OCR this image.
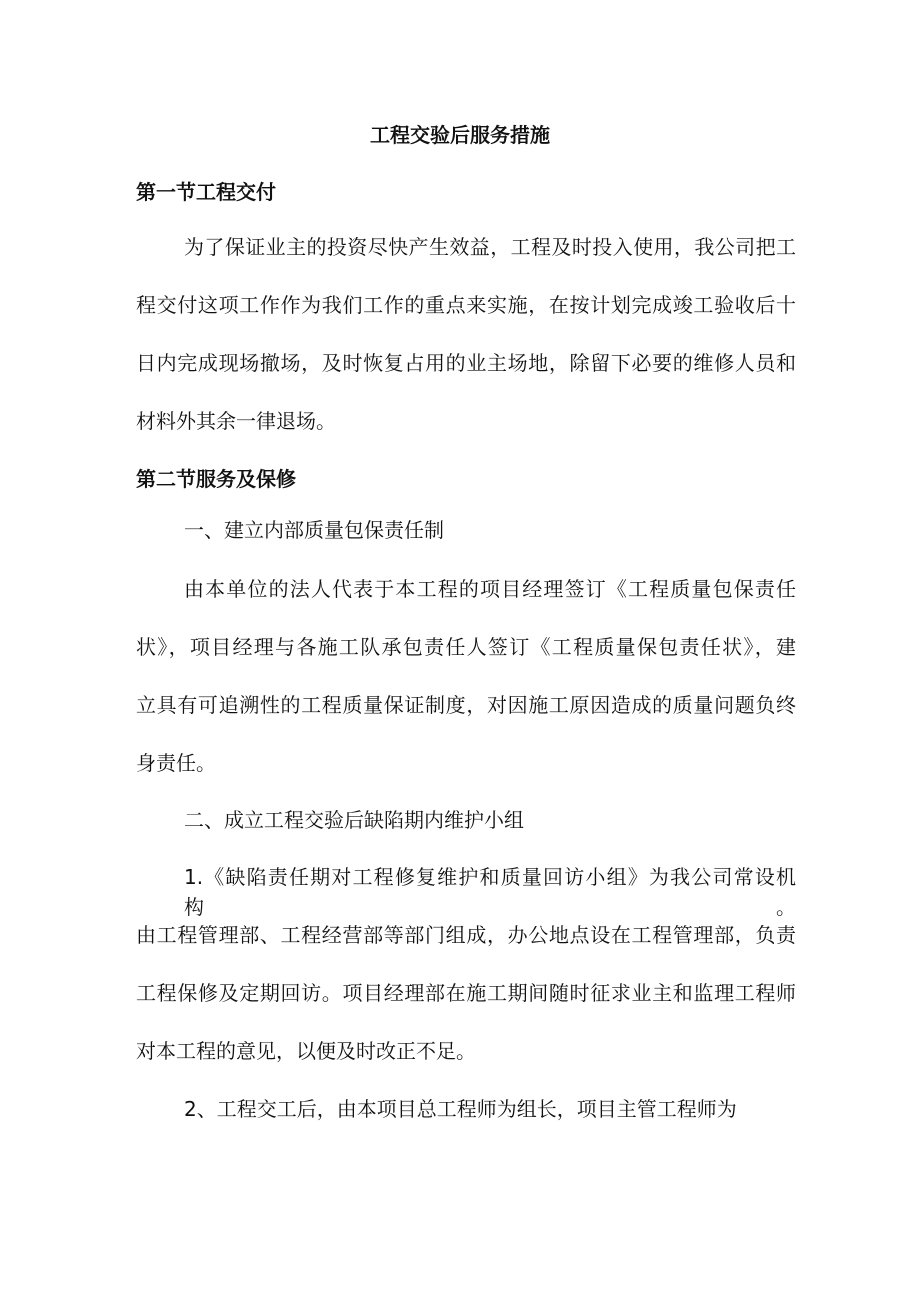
工程交验后服务措施
第一节工程交付
为了保证业主的投资尽快产生效益，工程及时投入使用，我公司把工
程交付这项工作作为我们工作的重点来实施，在按计划完成竣工验收后十
日内完成现场撤场，及时恢复占用的业主场地，除留下必要的维修人员和
材料外其余一律退场。
第二节服务及保修
一、建立内部质量包保责任制
由本单位的法人代表于本工程的项目经理签订《工程质量包保责任
状》，项目经理与各施工队承包责任人签订《工程质量保包责任状》，建
立具有可追溯性的工程质量保证制度，对因施工原因造成的质量问题负终
身责任。
二、成立工程交验后缺陷期内维护小组
1.《缺陷责任期对工程修复维护和质量回访小组》为我公司常设机构。
由工程管理部、工程经营部等部门组成，办公地点设在工程管理部，负责
工程保修及定期回访。项目经理部在施工期间随时征求业主和监理工程师
对本工程的意见，以便及时改正不足。
2、工程交工后，由本项目总工程师为组长，项目主管工程师为
